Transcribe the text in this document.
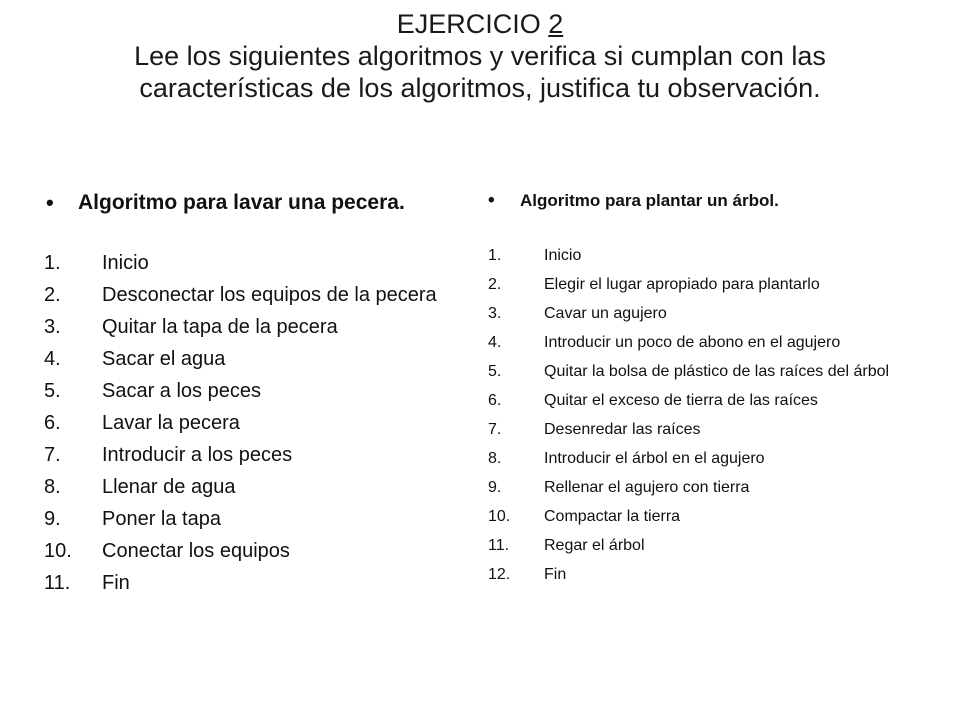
EJERCICIO 2
Lee los siguientes algoritmos y verifica si cumplan con las
características de los algoritmos, justifica tu observación.
• Algoritmo para lavar una pecera.
1.	Inicio
2.	Desconectar los equipos de la pecera
3.	Quitar la tapa de la pecera
4.	Sacar el agua
5.	Sacar a los peces
6.	Lavar la pecera
7.	Introducir a los peces
8.	Llenar de agua
9.	Poner la tapa
10.	Conectar los equipos
11.	Fin
• Algoritmo para plantar un árbol.
1.	Inicio
2.	Elegir el lugar apropiado para plantarlo
3.	Cavar un agujero
4.	Introducir un poco de abono en el agujero
5.	Quitar la bolsa de plástico de las raíces del árbol
6.	Quitar el exceso de tierra de las raíces
7.	Desenredar las raíces
8.	Introducir el árbol en el agujero
9.	Rellenar el agujero con tierra
10.	Compactar la tierra
11.	Regar el árbol
12.	Fin
